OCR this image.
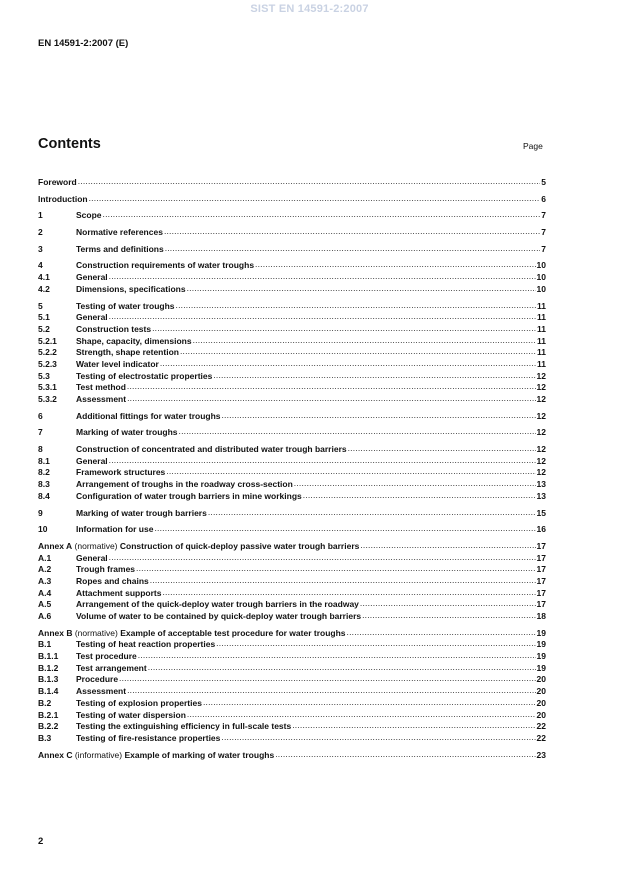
SIST EN 14591-2:2007
EN 14591-2:2007 (E)
Contents	Page
Foreword .....	5
Introduction .....	6
1	Scope .....	7
2	Normative references .....	7
3	Terms and definitions .....	7
4	Construction requirements of water troughs .....	10
4.1	General .....	10
4.2	Dimensions, specifications .....	10
5	Testing of water troughs .....	11
5.1	General .....	11
5.2	Construction tests .....	11
5.2.1	Shape, capacity, dimensions .....	11
5.2.2	Strength, shape retention .....	11
5.2.3	Water level indicator .....	11
5.3	Testing of electrostatic properties .....	12
5.3.1	Test method .....	12
5.3.2	Assessment .....	12
6	Additional fittings for water troughs .....	12
7	Marking of water troughs .....	12
8	Construction of concentrated and distributed water trough barriers .....	12
8.1	General .....	12
8.2	Framework structures .....	12
8.3	Arrangement of troughs in the roadway cross-section .....	13
8.4	Configuration of water trough barriers in mine workings .....	13
9	Marking of water trough barriers .....	15
10	Information for use .....	16
Annex A (normative) Construction of quick-deploy passive water trough barriers .....	17
A.1	General .....	17
A.2	Trough frames .....	17
A.3	Ropes and chains .....	17
A.4	Attachment supports .....	17
A.5	Arrangement of the quick-deploy water trough barriers in the roadway .....	17
A.6	Volume of water to be contained by quick-deploy water trough barriers .....	18
Annex B (normative) Example of acceptable test procedure for water troughs .....	19
B.1	Testing of heat reaction properties .....	19
B.1.1	Test procedure .....	19
B.1.2	Test arrangement .....	19
B.1.3	Procedure .....	20
B.1.4	Assessment .....	20
B.2	Testing of explosion properties .....	20
B.2.1	Testing of water dispersion .....	20
B.2.2	Testing the extinguishing efficiency in full-scale tests .....	22
B.3	Testing of fire-resistance properties .....	22
Annex C (informative) Example of marking of water troughs .....	23
2
